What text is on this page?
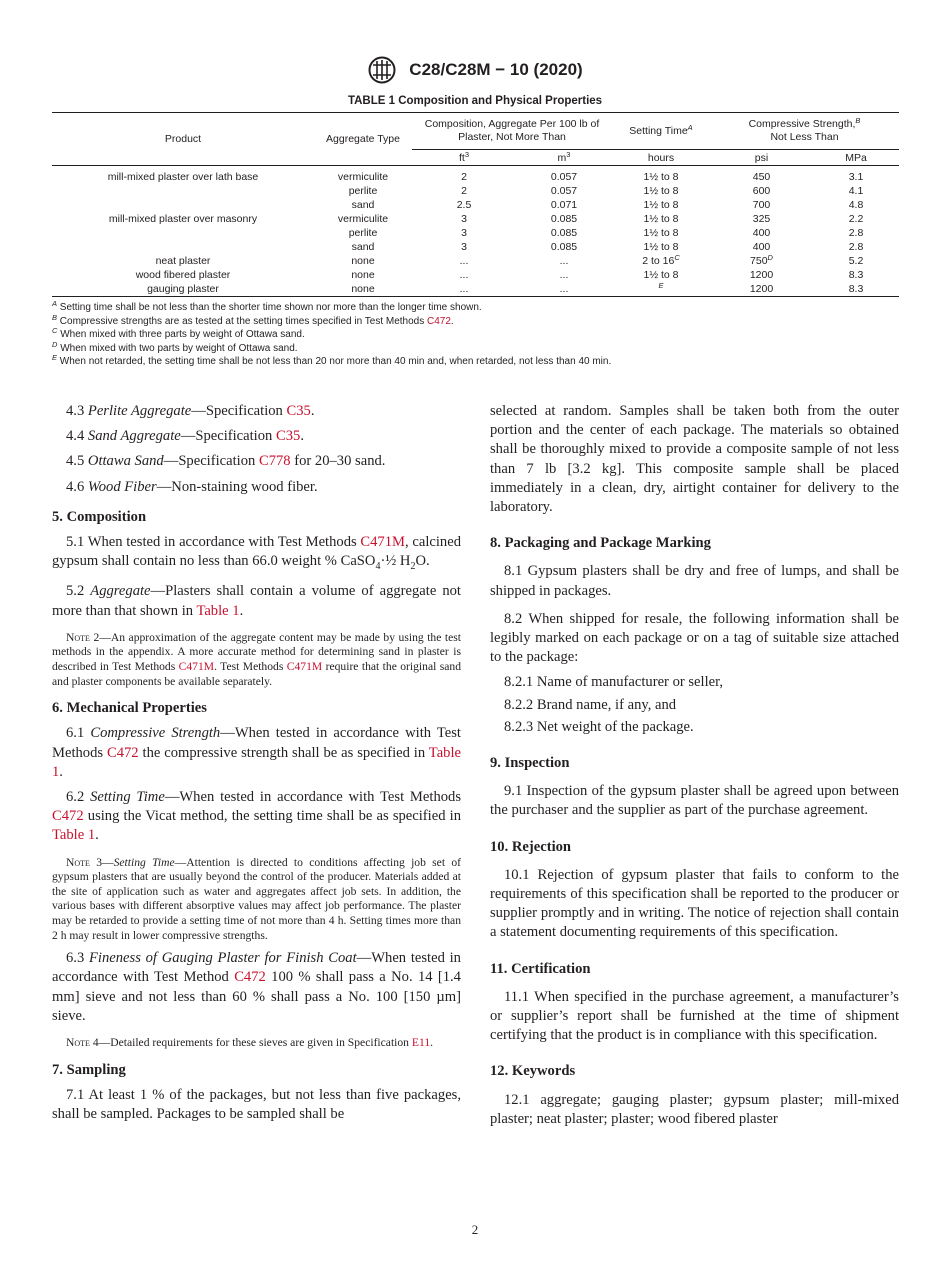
C28/C28M − 10 (2020)
TABLE 1 Composition and Physical Properties
Product	Aggregate Type	Composition, Aggregate Per 100 lb of Plaster, Not More Than		Setting Time$^A$	Compressive Strength,$^B$
Not Less Than	
		$ft^3$	$m^3$	hours	psi	MPa
mill-mixed plaster over lath base	vermiculite	2	0.057	1½ to 8	450	3.1
	perlite	2	0.057	1½ to 8	600	4.1
	sand	2.5	0.071	1½ to 8	700	4.8
mill-mixed plaster over masonry	vermiculite	3	0.085	1½ to 8	325	2.2
	perlite	3	0.085	1½ to 8	400	2.8
	sand	3	0.085	1½ to 8	400	2.8
neat plaster	none	...	...	2 to $16^C$	$750^D$	5.2
wood fibered plaster	none	...	...	1½ to 8	1200	8.3
gauging plaster	none	...	...	$^E$	1200	8.3
$^A$ Setting time shall be not less than the shorter time shown nor more than the longer time shown.
$^B$ Compressive strengths are as tested at the setting times specified in Test Methods C472.
$^C$ When mixed with three parts by weight of Ottawa sand.
$^D$ When mixed with two parts by weight of Ottawa sand.
$^E$ When not retarded, the setting time shall be not less than 20 nor more than 40 min and, when retarded, not less than 40 min.

4.3 Perlite Aggregate—Specification C35.

4.4 Sand Aggregate—Specification C35.

4.5 Ottawa Sand—Specification C778 for 20–30 sand.

4.6 Wood Fiber—Non-staining wood fiber.

5. Composition

5.1 When tested in accordance with Test Methods C471M, calcined gypsum shall contain no less than 66.0 weight % CaSO$_4$·½ $H_2O$.

5.2 Aggregate—Plasters shall contain a volume of aggregate not more than that shown in Table 1.

Note 2—An approximation of the aggregate content may be made by using the test methods in the appendix. A more accurate method for determining sand in plaster is described in Test Methods C471M. Test Methods C471M require that the original sand and plaster components be available separately.

6. Mechanical Properties

6.1 Compressive Strength—When tested in accordance with Test Methods C472 the compressive strength shall be as specified in Table 1.

6.2 Setting Time—When tested in accordance with Test Methods C472 using the Vicat method, the setting time shall be as specified in Table 1.

Note 3—Setting Time—Attention is directed to conditions affecting job set of gypsum plasters that are usually beyond the control of the producer. Materials added at the site of application such as water and aggregates affect job sets. In addition, the various bases with different absorptive values may affect job performance. The plaster may be retarded to provide a setting time of not more than 4 h. Setting times more than 2 h may result in lower compressive strengths.

6.3 Fineness of Gauging Plaster for Finish Coat—When tested in accordance with Test Method C472 100 % shall pass a No. 14 [1.4 mm] sieve and not less than 60 % shall pass a No. 100 [150 µm] sieve.

Note 4—Detailed requirements for these sieves are given in Specification E11.

7. Sampling

7.1 At least 1 % of the packages, but not less than five packages, shall be sampled. Packages to be sampled shall be

selected at random. Samples shall be taken both from the outer portion and the center of each package. The materials so obtained shall be thoroughly mixed to provide a composite sample of not less than 7 lb [3.2 kg]. This composite sample shall be placed immediately in a clean, dry, airtight container for delivery to the laboratory.

8. Packaging and Package Marking

8.1 Gypsum plasters shall be dry and free of lumps, and shall be shipped in packages.

8.2 When shipped for resale, the following information shall be legibly marked on each package or on a tag of suitable size attached to the package:

8.2.1 Name of manufacturer or seller,

8.2.2 Brand name, if any, and

8.2.3 Net weight of the package.

9. Inspection

9.1 Inspection of the gypsum plaster shall be agreed upon between the purchaser and the supplier as part of the purchase agreement.

10. Rejection

10.1 Rejection of gypsum plaster that fails to conform to the requirements of this specification shall be reported to the producer or supplier promptly and in writing. The notice of rejection shall contain a statement documenting requirements of this specification.

11. Certification

11.1 When specified in the purchase agreement, a manufacturer’s or supplier’s report shall be furnished at the time of shipment certifying that the product is in compliance with this specification.

12. Keywords

12.1 aggregate; gauging plaster; gypsum plaster; mill-mixed plaster; neat plaster; plaster; wood fibered plaster

2
